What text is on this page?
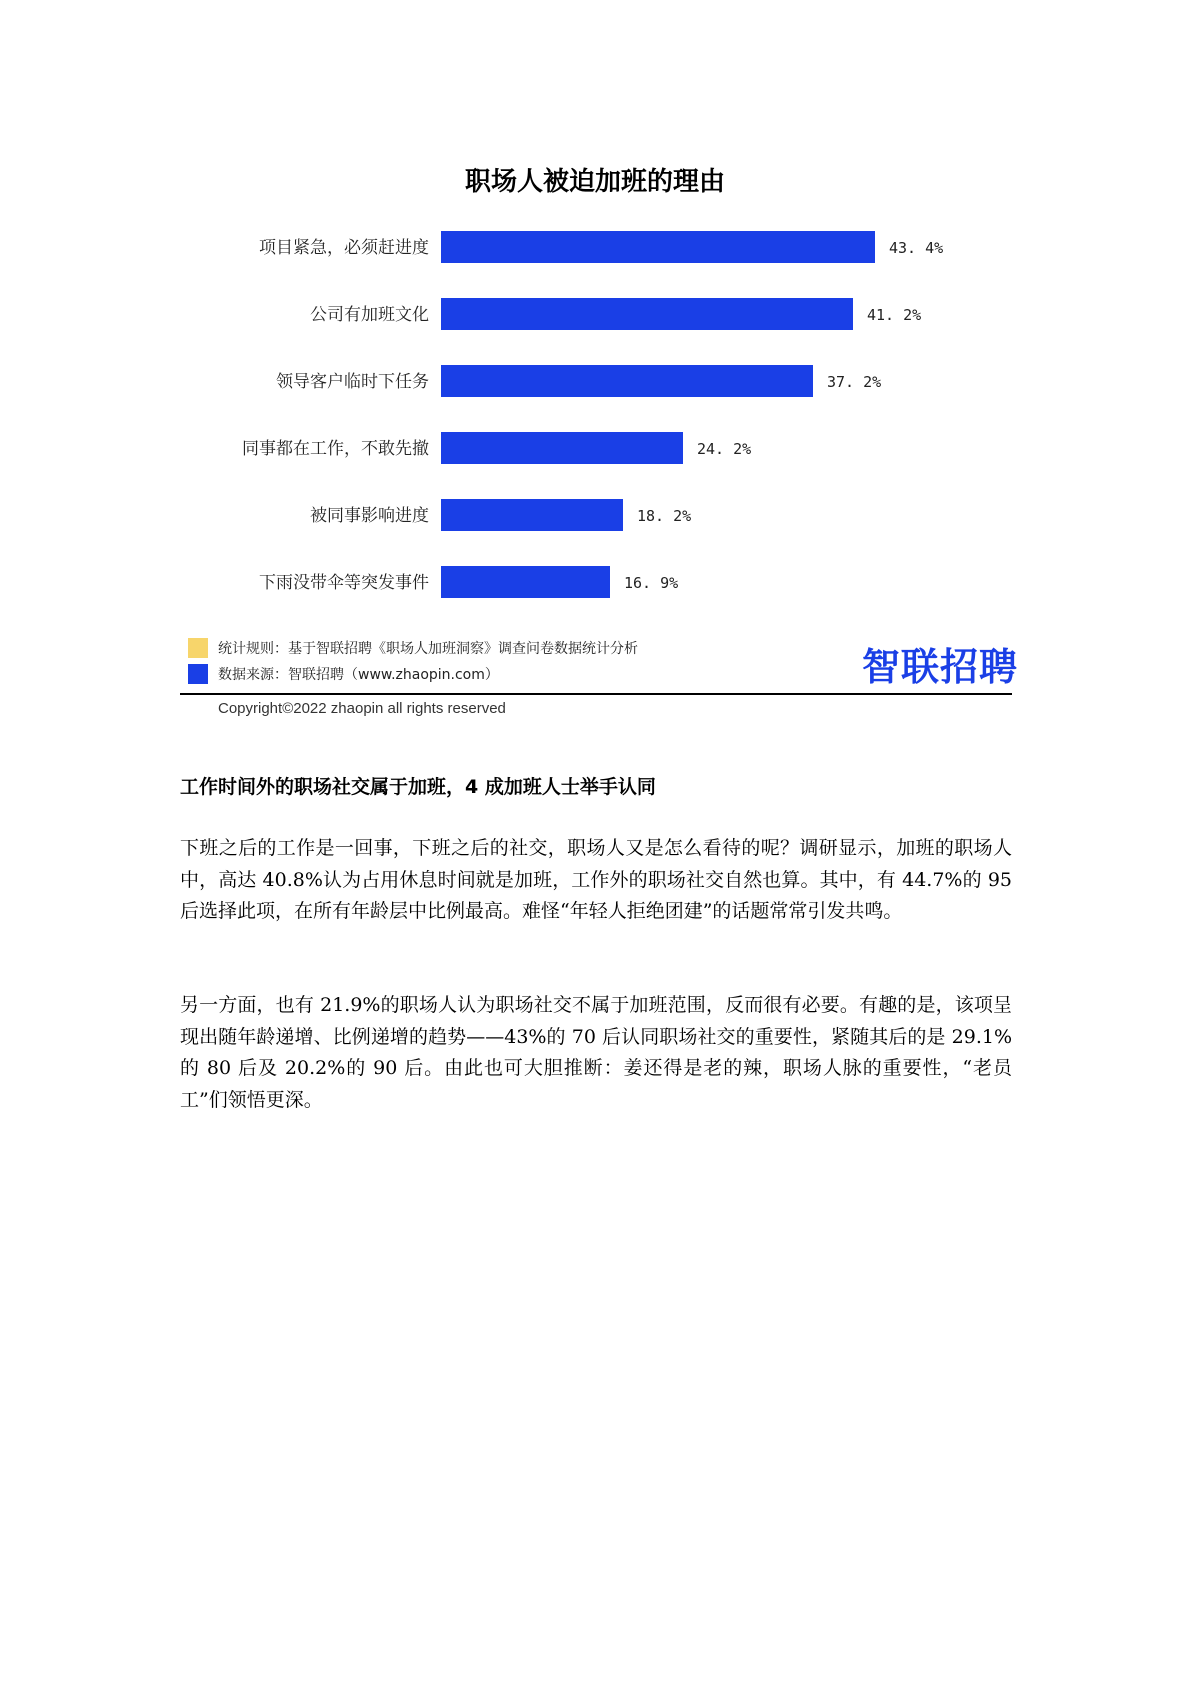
职场人被迫加班的理由
项目紧急，必须赶进度	43. 4%
公司有加班文化	41. 2%
领导客户临时下任务	37. 2%
同事都在工作，不敢先撤	24. 2%
被同事影响进度	18. 2%
下雨没带伞等突发事件	16. 9%
统计规则：基于智联招聘《职场人加班洞察》调查问卷数据统计分析
数据来源：智联招聘（www.zhaopin.com）	智联招聘
Copyright©2022 zhaopin all rights reserved
工作时间外的职场社交属于加班，4 成加班人士举手认同
下班之后的工作是一回事，下班之后的社交，职场人又是怎么看待的呢？调研显示，加班的职场人中，高达 40.8%认为占用休息时间就是加班，工作外的职场社交自然也算。其中，有 44.7%的 95 后选择此项，在所有年龄层中比例最高。难怪“年轻人拒绝团建”的话题常常引发共鸣。
另一方面，也有 21.9%的职场人认为职场社交不属于加班范围，反而很有必要。有趣的是，该项呈现出随年龄递增、比例递增的趋势——43%的 70 后认同职场社交的重要性，紧随其后的是 29.1%的 80 后及 20.2%的 90 后。由此也可大胆推断：姜还得是老的辣，职场人脉的重要性，“老员工”们领悟更深。
